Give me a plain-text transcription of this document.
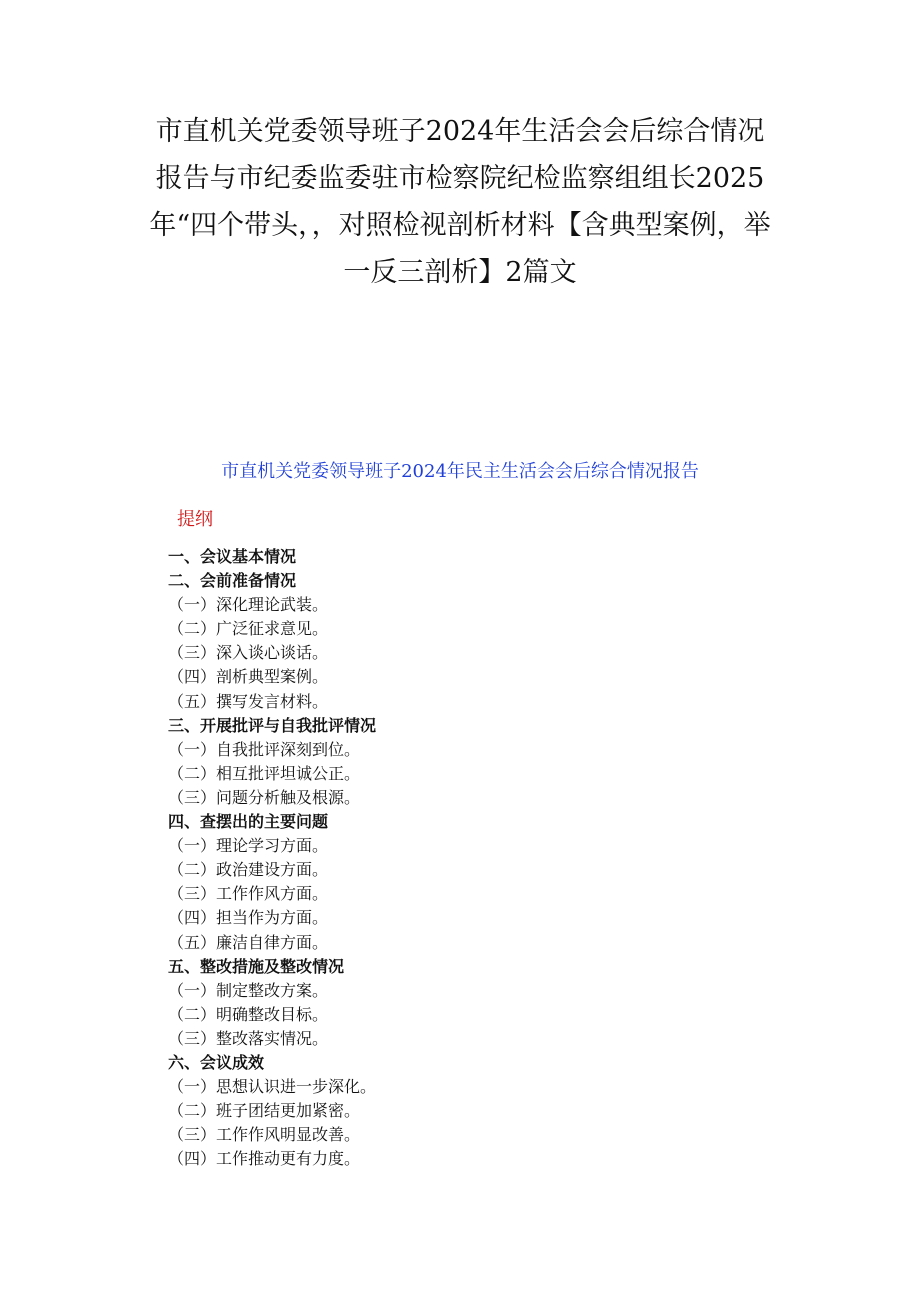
市直机关党委领导班子2024年生活会会后综合情况
报告与市纪委监委驻市检察院纪检监察组组长2025
年“四个带头，，对照检视剖析材料【含典型案例，举
一反三剖析】2篇文
市直机关党委领导班子2024年民主生活会会后综合情况报告
提纲
一、会议基本情况
二、会前准备情况
（一）深化理论武装。
（二）广泛征求意见。
（三）深入谈心谈话。
（四）剖析典型案例。
（五）撰写发言材料。
三、开展批评与自我批评情况
（一）自我批评深刻到位。
（二）相互批评坦诚公正。
（三）问题分析触及根源。
四、查摆出的主要问题
（一）理论学习方面。
（二）政治建设方面。
（三）工作作风方面。
（四）担当作为方面。
（五）廉洁自律方面。
五、整改措施及整改情况
（一）制定整改方案。
（二）明确整改目标。
（三）整改落实情况。
六、会议成效
（一）思想认识进一步深化。
（二）班子团结更加紧密。
（三）工作作风明显改善。
（四）工作推动更有力度。
